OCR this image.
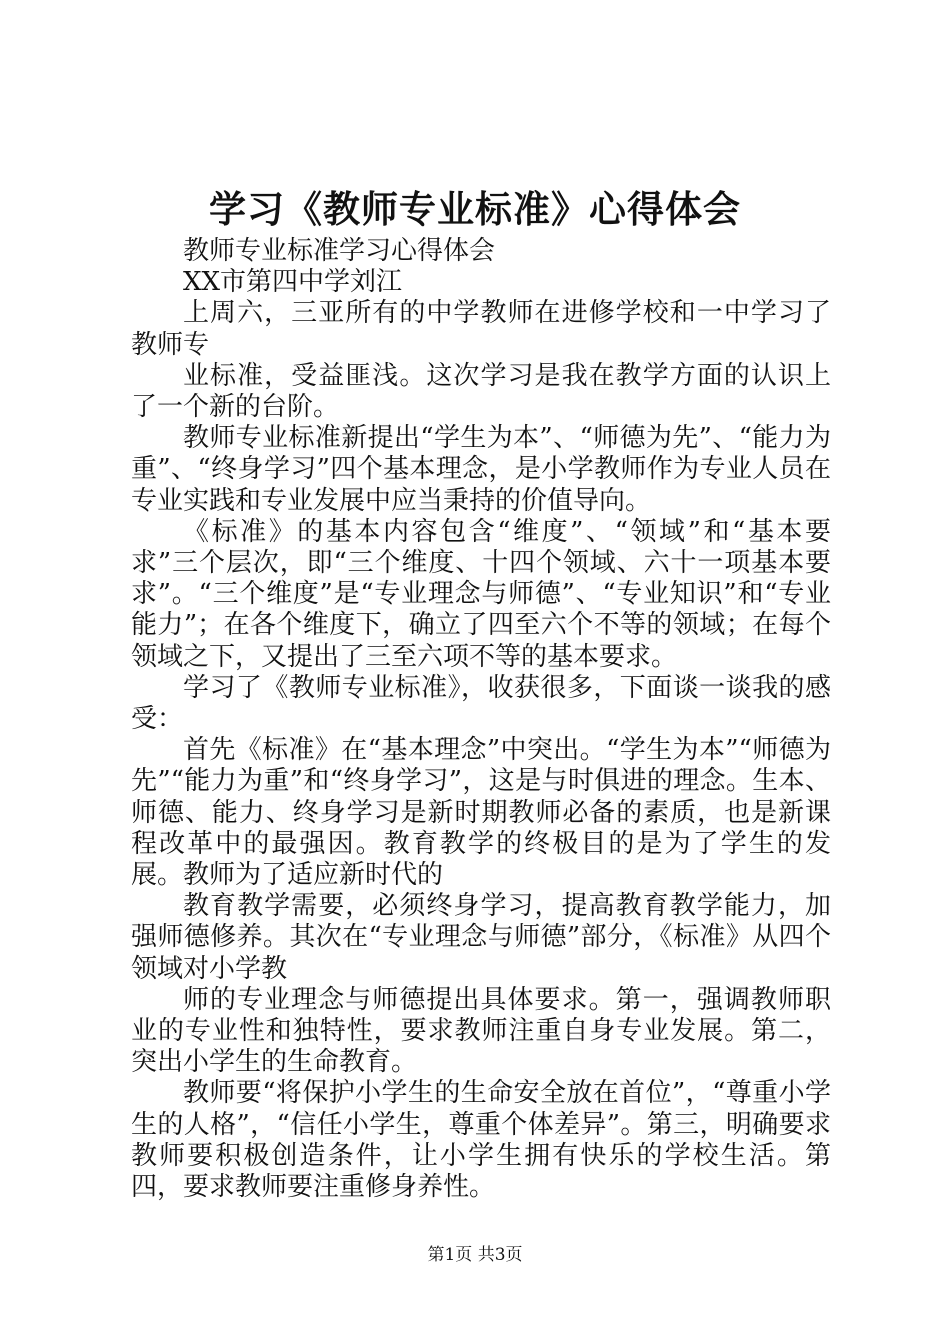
学习《教师专业标准》心得体会

教师专业标准学习心得体会

XX市第四中学刘江

上周六，三亚所有的中学教师在进修学校和一中学习了教师专

业标准，受益匪浅。这次学习是我在教学方面的认识上了一个新的台阶。

教师专业标准新提出“学生为本”、“师德为先”、“能力为重”、“终身学习”四个基本理念，是小学教师作为专业人员在专业实践和专业发展中应当秉持的价值导向。

《标准》的基本内容包含“维度”、“领域”和“基本要求”三个层次，即“三个维度、十四个领域、六十一项基本要求”。“三个维度”是“专业理念与师德”、“专业知识”和“专业能力”；在各个维度下，确立了四至六个不等的领域；在每个领域之下，又提出了三至六项不等的基本要求。

学习了《教师专业标准》，收获很多，下面谈一谈我的感受：

首先《标准》在“基本理念”中突出。“学生为本”“师德为先”“能力为重”和“终身学习”，这是与时俱进的理念。生本、师德、能力、终身学习是新时期教师必备的素质，也是新课程改革中的最强因。教育教学的终极目的是为了学生的发展。教师为了适应新时代的

教育教学需要，必须终身学习，提高教育教学能力，加强师德修养。其次在“专业理念与师德”部分，《标准》从四个领域对小学教

师的专业理念与师德提出具体要求。第一，强调教师职业的专业性和独特性，要求教师注重自身专业发展。第二，突出小学生的生命教育。

教师要“将保护小学生的生命安全放在首位”，“尊重小学生的人格”，“信任小学生，尊重个体差异”。第三，明确要求教师要积极创造条件，让小学生拥有快乐的学校生活。第四，要求教师要注重修身养性。

第1页 共3页
